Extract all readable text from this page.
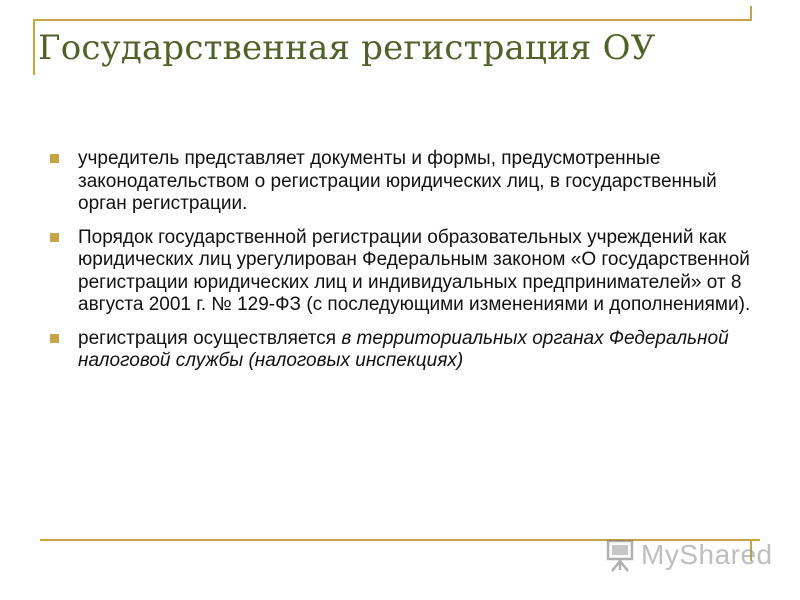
Государственная регистрация ОУ
учредитель представляет документы и формы, предусмотренные законодательством о регистрации юридических лиц, в государственный орган регистрации.
Порядок государственной регистрации образовательных учреждений как юридических лиц урегулирован Федеральным законом «О государственной регистрации юридических лиц и индивидуальных предпринимателей» от 8 августа 2001 г. № 129-ФЗ (с последующими изменениями и дополнениями).
регистрация осуществляется в территориальных органах Федеральной налоговой службы (налоговых инспекциях)
MyShared
